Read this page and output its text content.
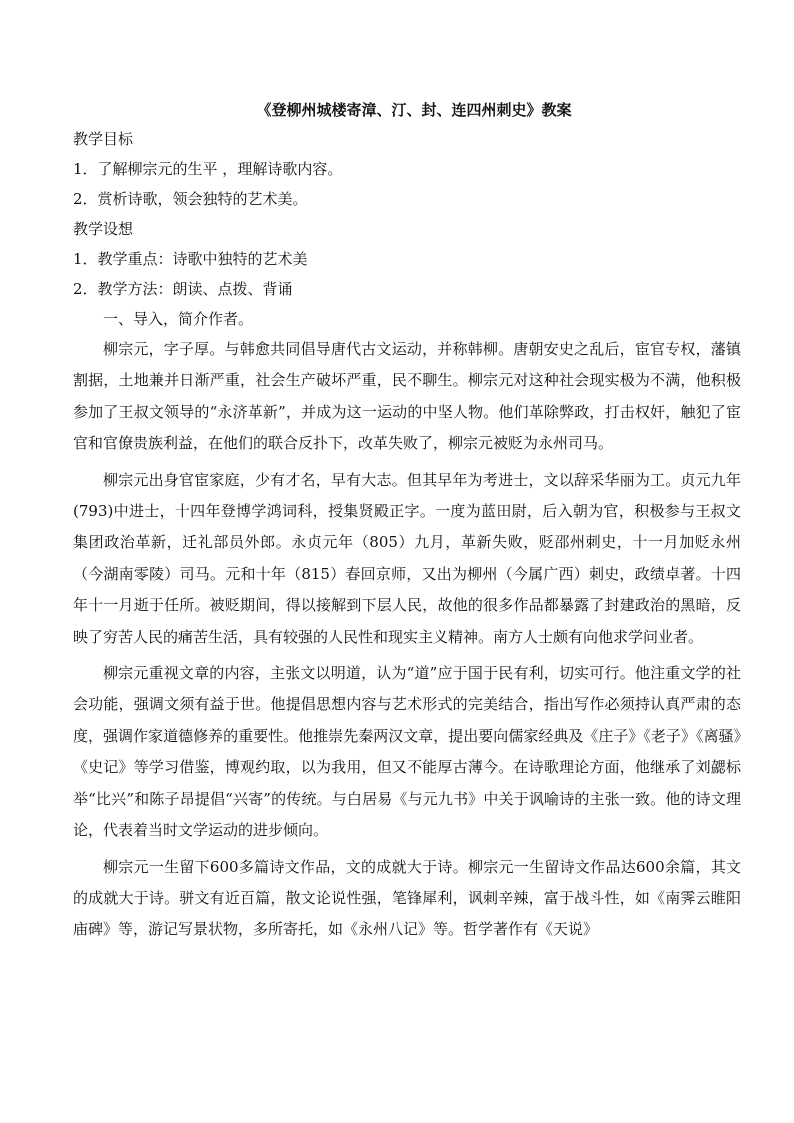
《登柳州城楼寄漳、汀、封、连四州刺史》教案

教学目标

1．了解柳宗元的生平 ，理解诗歌内容。

2．赏析诗歌，领会独特的艺术美。

教学设想

1．教学重点：诗歌中独特的艺术美

2．教学方法：朗读、点拨、背诵

一、导入，简介作者。

柳宗元，字子厚。与韩愈共同倡导唐代古文运动，并称韩柳。唐朝安史之乱后，宦官专权，藩镇割据，土地兼并日渐严重，社会生产破坏严重，民不聊生。柳宗元对这种社会现实极为不满，他积极参加了王叔文领导的“永济革新”，并成为这一运动的中坚人物。他们革除弊政，打击权奸，触犯了宦官和官僚贵族利益，在他们的联合反扑下，改革失败了，柳宗元被贬为永州司马。

柳宗元出身官宦家庭，少有才名，早有大志。但其早年为考进士，文以辞采华丽为工。贞元九年(793)中进士，十四年登博学鸿词科，授集贤殿正字。一度为蓝田尉，后入朝为官，积极参与王叔文集团政治革新，迁礼部员外郎。永贞元年（805）九月，革新失败，贬邵州刺史，十一月加贬永州（今湖南零陵）司马。元和十年（815）春回京师，又出为柳州（今属广西）刺史，政绩卓著。十四年十一月逝于任所。被贬期间，得以接解到下层人民，故他的很多作品都暴露了封建政治的黑暗，反映了穷苦人民的痛苦生活，具有较强的人民性和现实主义精神。南方人士颇有向他求学问业者。

柳宗元重视文章的内容，主张文以明道，认为“道”应于国于民有利，切实可行。他注重文学的社会功能，强调文须有益于世。他提倡思想内容与艺术形式的完美结合，指出写作必须持认真严肃的态度，强调作家道德修养的重要性。他推崇先秦两汉文章，提出要向儒家经典及《庄子》《老子》《离骚》《史记》等学习借鉴，博观约取，以为我用，但又不能厚古薄今。在诗歌理论方面，他继承了刘勰标举“比兴”和陈子昂提倡“兴寄”的传统。与白居易《与元九书》中关于讽喻诗的主张一致。他的诗文理论，代表着当时文学运动的进步倾向。

柳宗元一生留下600多篇诗文作品，文的成就大于诗。柳宗元一生留诗文作品达600余篇，其文的成就大于诗。骈文有近百篇，散文论说性强，笔锋犀利，讽刺辛辣，富于战斗性，如《南霁云睢阳庙碑》等，游记写景状物，多所寄托，如《永州八记》等。哲学著作有《天说》
